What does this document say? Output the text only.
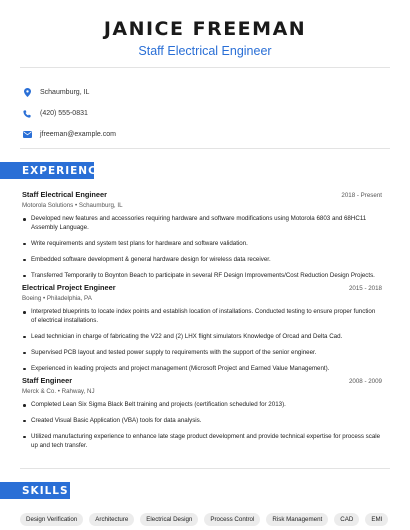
JANICE FREEMAN
Staff Electrical Engineer
Schaumburg, IL
(420) 555-0831
jfreeman@example.com
EXPERIENCE
Staff Electrical Engineer	2018 - Present
Motorola Solutions • Schaumburg, IL
Developed new features and accessories requiring hardware and software modifications using Motorola 6803 and 68HC11 Assembly Language.
Write requirements and system test plans for hardware and software validation.
Embedded software development & general hardware design for wireless data receiver.
Transferred Temporarily to Boynton Beach to participate in several RF Design Improvements/Cost Reduction Design Projects.
Electrical Project Engineer	2015 - 2018
Boeing • Philadelphia, PA
Interpreted blueprints to locate index points and establish location of installations. Conducted testing to ensure proper function of electrical installations.
Lead technician in charge of fabricating the V22 and (2) LHX flight simulators Knowledge of Orcad and Delta Cad.
Supervised PCB layout and tested power supply to requirements with the support of the senior engineer.
Experienced in leading projects and project management (Microsoft Project and Earned Value Management).
Staff Engineer	2008 - 2009
Merck & Co. • Rahway, NJ
Completed Lean Six Sigma Black Belt training and projects (certification scheduled for 2013).
Created Visual Basic Application (VBA) tools for data analysis.
Utilized manufacturing experience to enhance late stage product development and provide technical expertise for process scale up and tech transfer.
SKILLS
Design Verification	Architecture	Electrical Design	Process Control	Risk Management	CAD	EMI
